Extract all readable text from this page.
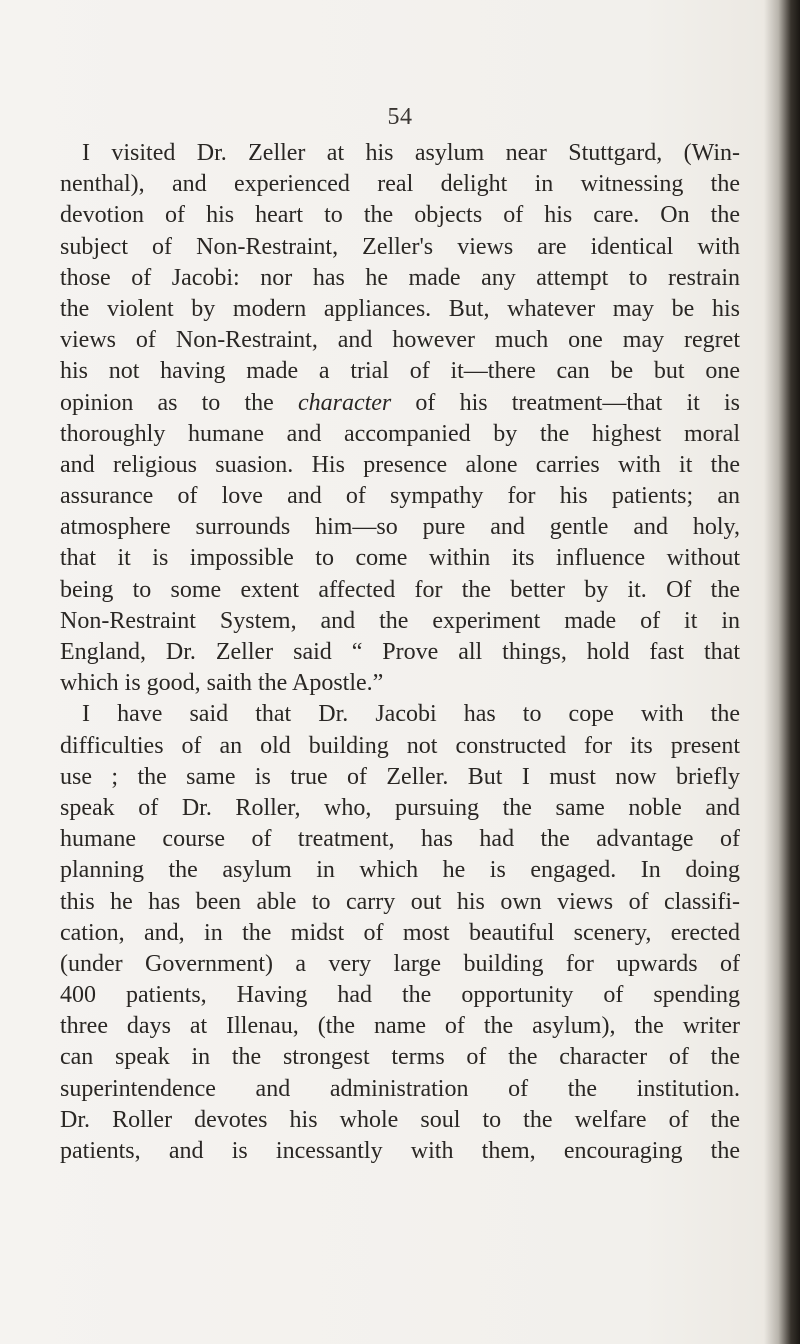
54
I visited Dr. Zeller at his asylum near Stuttgard, (Win-
nenthal), and experienced real delight in witnessing the
devotion of his heart to the objects of his care. On the
subject of Non-Restraint, Zeller's views are identical with
those of Jacobi: nor has he made any attempt to restrain
the violent by modern appliances. But, whatever may be his
views of Non-Restraint, and however much one may regret
his not having made a trial of it—there can be but one
opinion as to the character of his treatment—that it is
thoroughly humane and accompanied by the highest moral
and religious suasion. His presence alone carries with it the
assurance of love and of sympathy for his patients; an
atmosphere surrounds him—so pure and gentle and holy,
that it is impossible to come within its influence without
being to some extent affected for the better by it. Of the
Non-Restraint System, and the experiment made of it in
England, Dr. Zeller said “ Prove all things, hold fast that
which is good, saith the Apostle.”
I have said that Dr. Jacobi has to cope with the
difficulties of an old building not constructed for its present
use ; the same is true of Zeller. But I must now briefly
speak of Dr. Roller, who, pursuing the same noble and
humane course of treatment, has had the advantage of
planning the asylum in which he is engaged. In doing
this he has been able to carry out his own views of classifi-
cation, and, in the midst of most beautiful scenery, erected
(under Government) a very large building for upwards of
400 patients, Having had the opportunity of spending
three days at Illenau, (the name of the asylum), the writer
can speak in the strongest terms of the character of the
superintendence and administration of the institution.
Dr. Roller devotes his whole soul to the welfare of the
patients, and is incessantly with them, encouraging the
